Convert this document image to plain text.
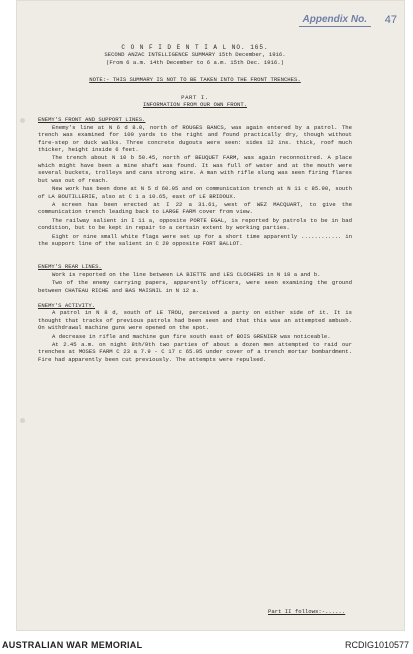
Appendix No.	47
C O N F I D E N T I A L NO. 165.
SECOND ANZAC INTELLIGENCE SUMMARY 15th December, 1916.
(From 6 a.m. 14th December to 6 a.m. 15th Dec. 1916.)
NOTE:- THIS SUMMARY IS NOT TO BE TAKEN INTO THE FRONT TRENCHES.
PART I.
INFORMATION FROM OUR OWN FRONT.
ENEMY'S FRONT AND SUPPORT LINES.
Enemy's line at N 6 d 8.0, north of ROUGES BANCS, was again entered by a patrol. The trench was examined for 100 yards to the right and found practically dry, though without fire-step or duck walks. Three concrete dugouts were seen: sides 12 ins. thick, roof much thicker, height inside 6 feet.
The trench about N 10 b 50.45, north of BEUQUET FARM, was again reconnoitred. A place which might have been a mine shaft was found. It was full of water and at the mouth were several buckets, trolleys and cans strong wire. A man with rifle slung was seen firing flares but was out of reach.
New work has been done at N 5 d 60.05 and on communication trench at N 11 c 85.90, south of LA BOUTILLERIE, also at C 1 a 10.65, east of LE BRIDOUX.
A screen has been erected at I 22 a 31.61, west of WEZ MACQUART, to give the communication trench leading back to LARGE FARM cover from view.
The railway salient in I 11 a, opposite PORTE EGAL, is reported by patrols to be in bad condition, but to be kept in repair to a certain extent by working parties.
Eight or nine small white flags were set up for a short time apparently ............ in the support line of the salient in C 29 opposite FORT BALLOT.
ENEMY'S REAR LINES.
Work is reported on the line between LA BIETTE and LES CLOCHERS in N 18 a and b.
Two of the enemy carrying papers, apparently officers, were seen examining the ground between CHATEAU RICHE and BAS MAISNIL in N 12 a.
ENEMY'S ACTIVITY.
A patrol in N 8 d, south of LE TROU, perceived a party on either side of it. It is thought that tracks of previous patrols had been seen and that this was an attempted ambush. On withdrawal machine guns were opened on the spot.
A decrease in rifle and machine gun fire south east of BOIS GRENIER was noticeable.
At 2.45 a.m. on night 8th/9th two parties of about a dozen men attempted to raid our trenches at MOSES FARM C 23 a 7.9 - C 17 c 65.05 under cover of a trench mortar bombardment. Fire had apparently been cut previously. The attempts were repulsed.
Part II follows:-......
AUSTRALIAN WAR MEMORIAL	RCDIG1010577
